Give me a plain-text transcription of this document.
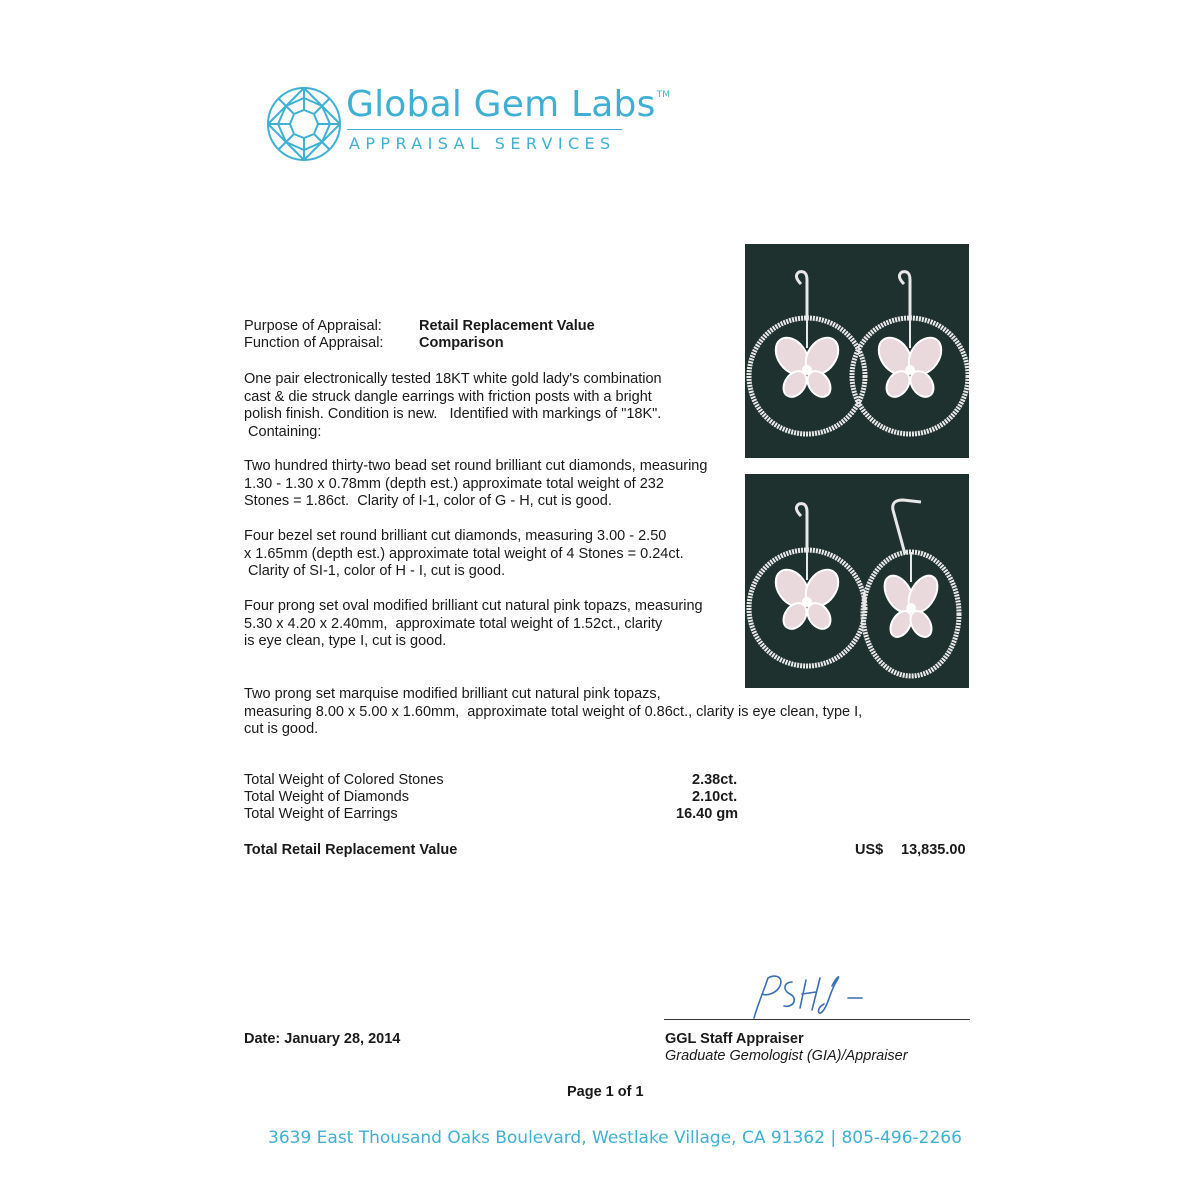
Global Gem Labs™
APPRAISAL SERVICES
Purpose of Appraisal:	Retail Replacement Value
Function of Appraisal: Comparison
One pair electronically tested 18KT white gold lady's combination
cast & die struck dangle earrings with friction posts with a bright
polish finish. Condition is new.   Identified with markings of "18K".
Containing:
Two hundred thirty-two bead set round brilliant cut diamonds, measuring
1.30 - 1.30 x 0.78mm (depth est.) approximate total weight of 232
Stones = 1.86ct.  Clarity of I-1, color of G - H, cut is good.
Four bezel set round brilliant cut diamonds, measuring 3.00 - 2.50
x 1.65mm (depth est.) approximate total weight of 4 Stones = 0.24ct.
Clarity of SI-1, color of H - I, cut is good.
Four prong set oval modified brilliant cut natural pink topazs, measuring
5.30 x 4.20 x 2.40mm,  approximate total weight of 1.52ct., clarity
is eye clean, type I, cut is good.
Two prong set marquise modified brilliant cut natural pink topazs,
measuring 8.00 x 5.00 x 1.60mm,  approximate total weight of 0.86ct., clarity is eye clean, type I,
cut is good.
Total Weight of Colored Stones	2.38ct.
Total Weight of Diamonds	2.10ct.
Total Weight of Earrings	16.40 gm
Total Retail Replacement Value	US$ 13,835.00
Date: January 28, 2014	GGL Staff Appraiser
Graduate Gemologist (GIA)/Appraiser
Page 1 of 1
3639 East Thousand Oaks Boulevard, Westlake Village, CA 91362 | 805-496-2266
